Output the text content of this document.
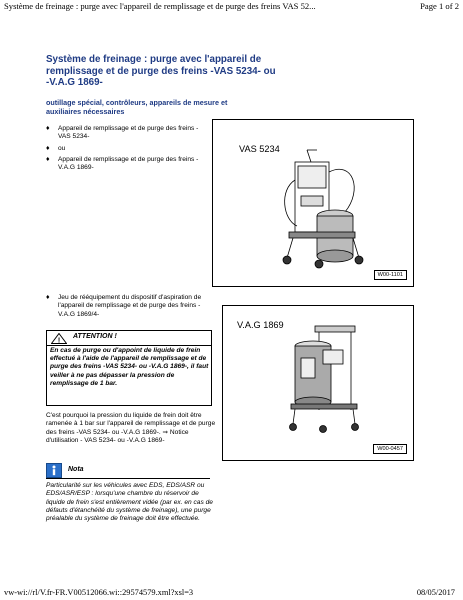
Système de freinage : purge avec l'appareil de remplissage et de purge des freins VAS 52...	Page 1 of 2
Système de freinage : purge avec l'appareil de remplissage et de purge des freins -VAS 5234- ou -V.A.G 1869-
outillage spécial, contrôleurs, appareils de mesure et auxiliaires nécessaires
♦ Appareil de remplissage et de purge des freins -VAS 5234-
♦ ou
♦ Appareil de remplissage et de purge des freins -V.A.G 1869-
VAS 5234
W00-1101
♦ Jeu de rééquipement du dispositif d'aspiration de l'appareil de remplissage et de purge des freins -V.A.G 1869/4-
V.A.G 1869
W00-0457
!
ATTENTION !
En cas de purge ou d'appoint de liquide de frein effectué à l'aide de l'appareil de remplissage et de purge des freins -VAS 5234- ou -V.A.G 1869-, il faut veiller à ne pas dépasser la pression de remplissage de 1 bar.
C'est pourquoi la pression du liquide de frein doit être ramenée à 1 bar sur l'appareil de remplissage et de purge des freins -VAS 5234- ou -V.A.G 1869-. ⇒ Notice d'utilisation - VAS 5234- ou -V.A.G 1869-
Nota
Particularité sur les véhicules avec EDS, EDS/ASR ou EDS/ASR/ESP : lorsqu'une chambre du réservoir de liquide de frein s'est entièrement vidée (par ex. en cas de défauts d'étanchéité du système de freinage), une purge préalable du système de freinage doit être effectuée.
vw-wi://rl/V.fr-FR.V00512066.wi::29574579.xml?xsl=3	08/05/2017
